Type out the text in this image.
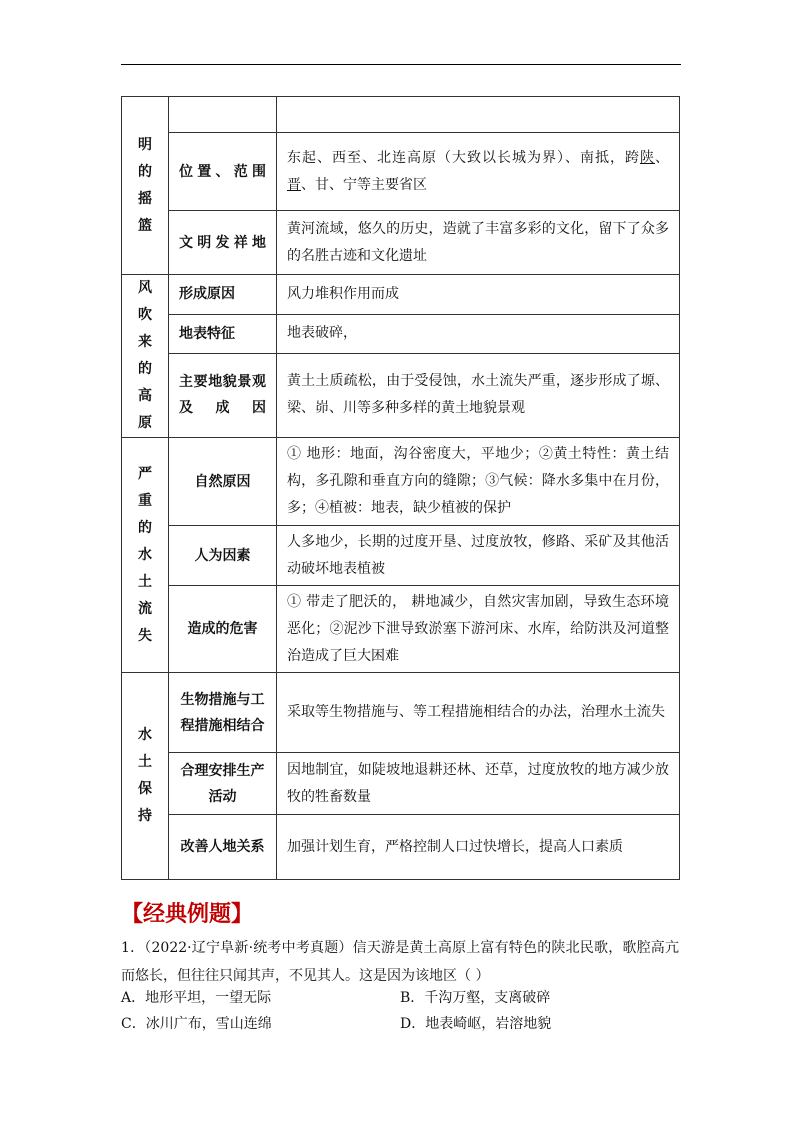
明的摇篮		

	位置、范围	东起、西至、北连高原（大致以长城为界）、南抵，跨陕、晋、甘、宁等主要省区
	文明发祥地	黄河流域，悠久的历史，造就了丰富多彩的文化，留下了众多的名胜古迹和文化遗址

风吹来的高原	形成原因	风力堆积作用而成
	地表特征	地表破碎，
	主要地貌景观及成因	黄土土质疏松，由于受侵蚀，水土流失严重，逐步形成了塬、梁、峁、川等多种多样的黄土地貌景观

严重的水土流失	自然原因	① 地形：地面，沟谷密度大，平地少；②黄土特性：黄土结构，多孔隙和垂直方向的缝隙；③气候：降水多集中在月份，多；④植被：地表，缺少植被的保护
	人为因素	人多地少，长期的过度开垦、过度放牧，修路、采矿及其他活动破坏地表植被
	造成的危害	① 带走了肥沃的， 耕地减少，自然灾害加剧，导致生态环境恶化；②泥沙下泄导致淤塞下游河床、水库，给防洪及河道整治造成了巨大困难

水土保持	生物措施与工程措施相结合	采取等生物措施与、等工程措施相结合的办法，治理水土流失
	合理安排生产活动	因地制宜，如陡坡地退耕还林、还草，过度放牧的地方减少放牧的牲畜数量
	改善人地关系	加强计划生育，严格控制人口过快增长，提高人口素质
【经典例题】
1．（2022·辽宁阜新·统考中考真题）信天游是黄土高原上富有特色的陕北民歌，歌腔高亢而悠长，但往往只闻其声，不见其人。这是因为该地区（ ）
A．地形平坦，一望无际	B．千沟万壑，支离破碎
C．冰川广布，雪山连绵	D．地表崎岖，岩溶地貌
